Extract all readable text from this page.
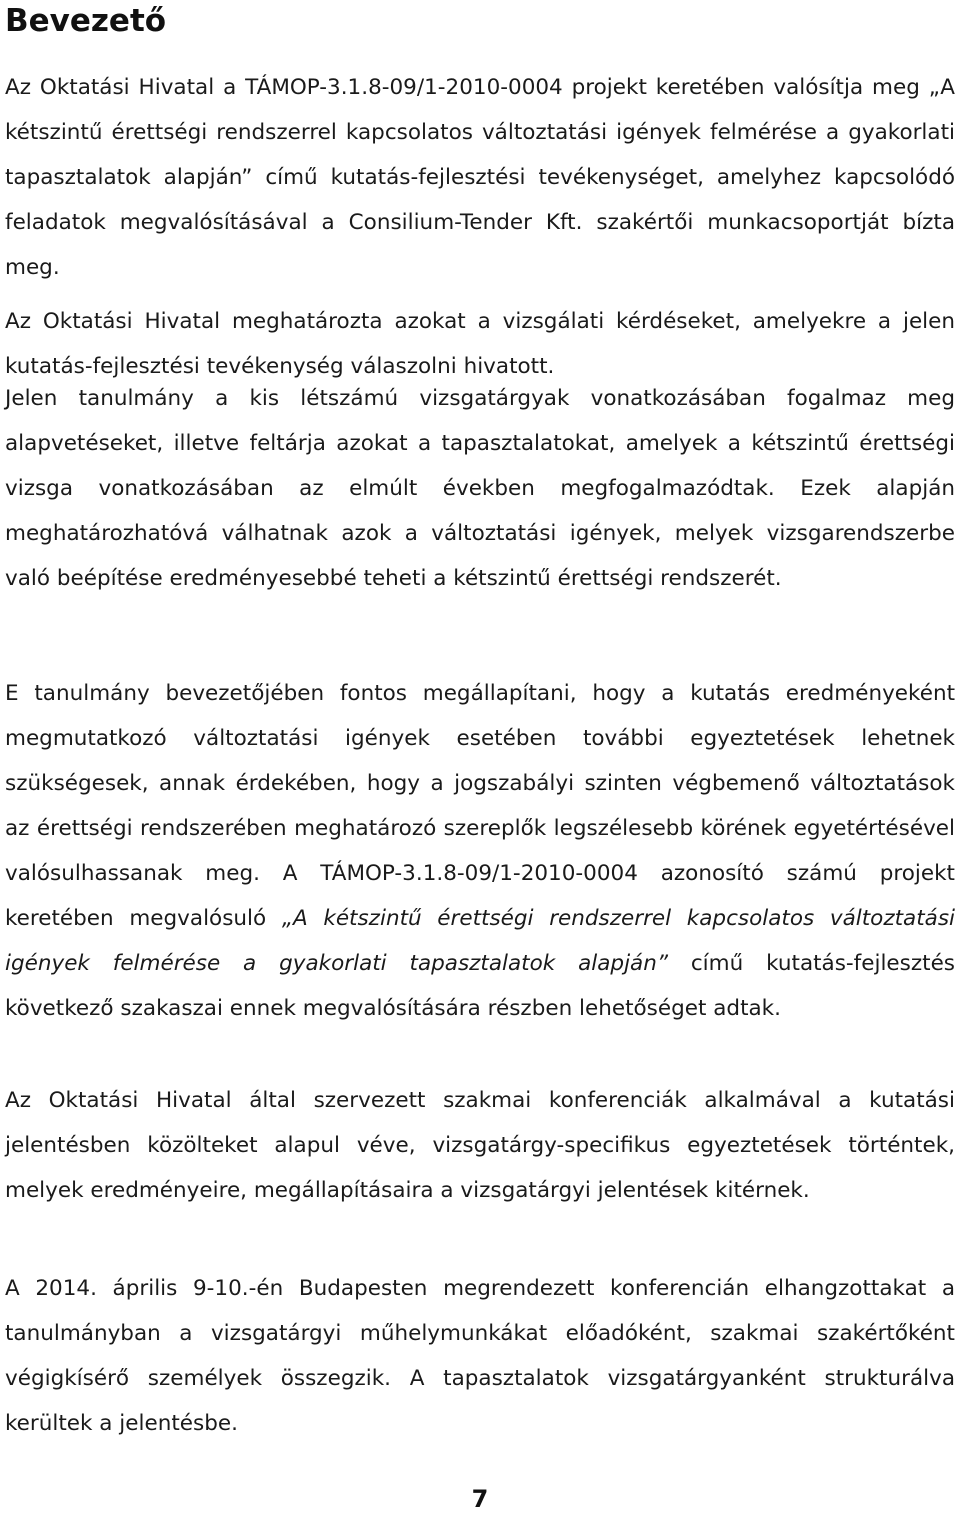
Bevezető

Az Oktatási Hivatal a TÁMOP-3.1.8-09/1-2010-0004 projekt keretében valósítja meg „A kétszintű érettségi rendszerrel kapcsolatos változtatási igények felmérése a gyakorlati tapasztalatok alapján” című kutatás-fejlesztési tevékenységet, amelyhez kapcsolódó feladatok megvalósításával a Consilium-Tender Kft. szakértői munkacsoportját bízta meg.

Az Oktatási Hivatal meghatározta azokat a vizsgálati kérdéseket, amelyekre a jelen kutatás-fejlesztési tevékenység válaszolni hivatott.

Jelen tanulmány a kis létszámú vizsgatárgyak vonatkozásában fogalmaz meg alapvetéseket, illetve feltárja azokat a tapasztalatokat, amelyek a kétszintű érettségi vizsga vonatkozásában az elmúlt években megfogalmazódtak. Ezek alapján meghatározhatóvá válhatnak azok a változtatási igények, melyek vizsgarendszerbe való beépítése eredményesebbé teheti a kétszintű érettségi rendszerét.

E tanulmány bevezetőjében fontos megállapítani, hogy a kutatás eredményeként megmutatkozó változtatási igények esetében további egyeztetések lehetnek szükségesek, annak érdekében, hogy a jogszabályi szinten végbemenő változtatások az érettségi rendszerében meghatározó szereplők legszélesebb körének egyetértésével valósulhassanak meg. A TÁMOP-3.1.8-09/1-2010-0004 azonosító számú projekt keretében megvalósuló „A kétszintű érettségi rendszerrel kapcsolatos változtatási igények felmérése a gyakorlati tapasztalatok alapján” című kutatás-fejlesztés következő szakaszai ennek megvalósítására részben lehetőséget adtak.

Az Oktatási Hivatal által szervezett szakmai konferenciák alkalmával a kutatási jelentésben közölteket alapul véve, vizsgatárgy-specifikus egyeztetések történtek, melyek eredményeire, megállapításaira a vizsgatárgyi jelentések kitérnek.

A 2014. április 9-10.-én Budapesten megrendezett konferencián elhangzottakat a tanulmányban a vizsgatárgyi műhelymunkákat előadóként, szakmai szakértőként végigkísérő személyek összegzik. A tapasztalatok vizsgatárgyanként strukturálva kerültek a jelentésbe.

7
